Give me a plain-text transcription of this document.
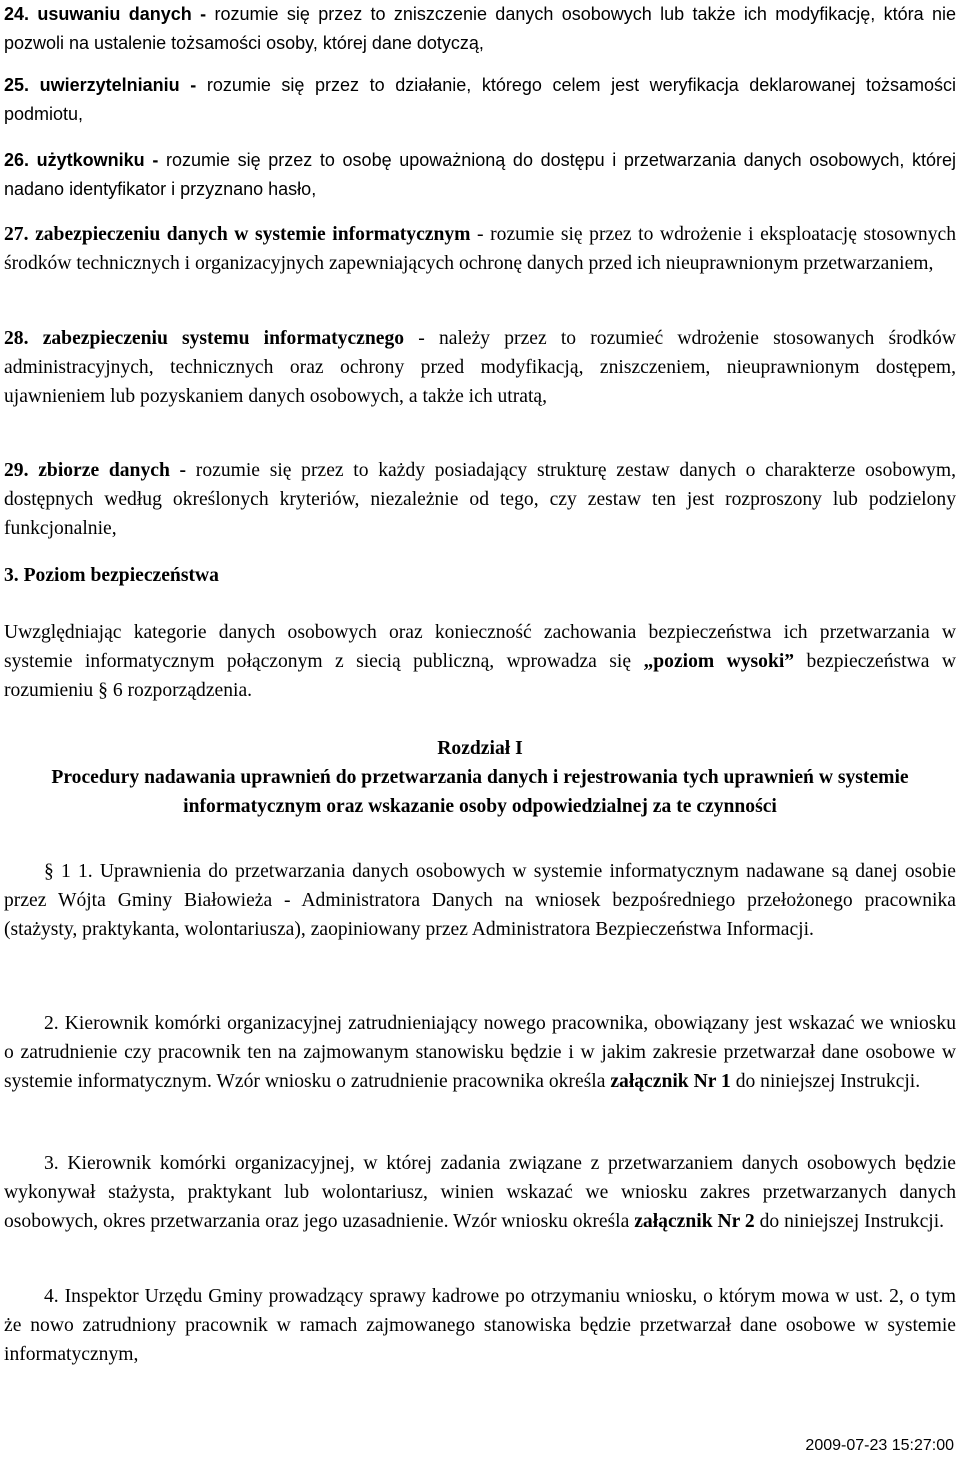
24. usuwaniu danych - rozumie się przez to zniszczenie danych osobowych lub także ich modyfikację, która nie pozwoli na ustalenie tożsamości osoby, której dane dotyczą,

25. uwierzytelnianiu - rozumie się przez to działanie, którego celem jest weryfikacja deklarowanej tożsamości podmiotu,

26. użytkowniku - rozumie się przez to osobę upoważnioną do dostępu i przetwarzania danych osobowych, której nadano identyfikator i przyznano hasło,

27. zabezpieczeniu danych w systemie informatycznym - rozumie się przez to wdrożenie i eksploatację stosownych środków technicznych i organizacyjnych zapewniających ochronę danych przed ich nieuprawnionym przetwarzaniem,

28. zabezpieczeniu systemu informatycznego - należy przez to rozumieć wdrożenie stosowanych środków administracyjnych, technicznych oraz ochrony przed modyfikacją, zniszczeniem, nieuprawnionym dostępem, ujawnieniem lub pozyskaniem danych osobowych, a także ich utratą,

29. zbiorze danych - rozumie się przez to każdy posiadający strukturę zestaw danych o charakterze osobowym, dostępnych według określonych kryteriów, niezależnie od tego, czy zestaw ten jest rozproszony lub podzielony funkcjonalnie,

3. Poziom bezpieczeństwa

Uwzględniając kategorie danych osobowych oraz konieczność zachowania bezpieczeństwa ich przetwarzania w systemie informatycznym połączonym z siecią publiczną, wprowadza się „poziom wysoki” bezpieczeństwa w rozumieniu § 6 rozporządzenia.

Rozdział I

Procedury nadawania uprawnień do przetwarzania danych i rejestrowania tych uprawnień w systemie informatycznym oraz wskazanie osoby odpowiedzialnej za te czynności

§ 1 1. Uprawnienia do przetwarzania danych osobowych w systemie informatycznym nadawane są danej osobie przez Wójta Gminy Białowieża - Administratora Danych na wniosek bezpośredniego przełożonego pracownika (stażysty, praktykanta, wolontariusza), zaopiniowany przez Administratora Bezpieczeństwa Informacji.

2. Kierownik komórki organizacyjnej zatrudnieniający nowego pracownika, obowiązany jest wskazać we wniosku o zatrudnienie czy pracownik ten na zajmowanym stanowisku będzie i w jakim zakresie przetwarzał dane osobowe w systemie informatycznym. Wzór wniosku o zatrudnienie pracownika określa załącznik Nr 1 do niniejszej Instrukcji.

3. Kierownik komórki organizacyjnej, w której zadania związane z przetwarzaniem danych osobowych będzie wykonywał stażysta, praktykant lub wolontariusz, winien wskazać we wniosku zakres przetwarzanych danych osobowych, okres przetwarzania oraz jego uzasadnienie. Wzór wniosku określa załącznik Nr 2 do niniejszej Instrukcji.

4. Inspektor Urzędu Gminy prowadzący sprawy kadrowe po otrzymaniu wniosku, o którym mowa w ust. 2, o tym że nowo zatrudniony pracownik w ramach zajmowanego stanowiska będzie przetwarzał dane osobowe w systemie informatycznym,

2009-07-23 15:27:00
